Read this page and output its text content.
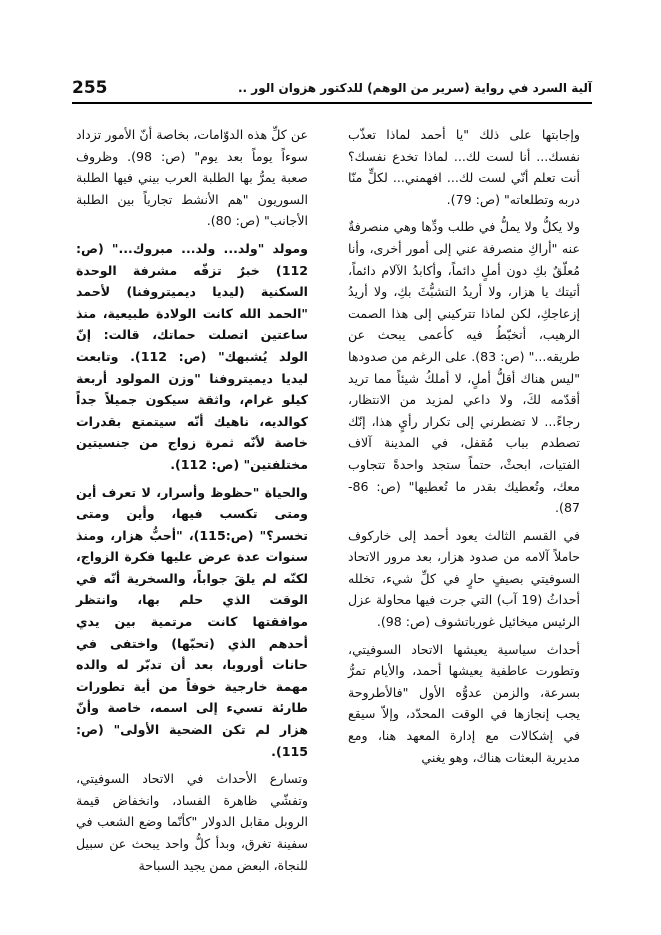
255	آلية السرد في رواية (سرير من الوهم) للدكتور هزوان الور ..

وإجابتها على ذلك "يا أحمد لماذا تعذّب نفسك... أنا لست لك... لماذا تخدع نفسك؟ أنت تعلم أنّي لست لك... افهمني... لكلٍّ منّا دربه وتطلعاته" (ص: 79).

ولا يكلُّ ولا يملُّ في طلب ودِّها وهي منصرفةٌ عنه "أراكِ منصرفة عني إلى أمور أخرى، وأنا مُعلّقٌ بكِ دون أملٍ دائماً، وأكابدُ الآلام دائماً، أتيتك يا هزار، ولا أريدُ التشبُّثَ بكِ، ولا أريدُ إزعاجكِ، لكن لماذا تتركيني إلى هذا الصمت الرهيب، أتخبّطُ فيه كأعمى يبحث عن طريقه..." (ص: 83). على الرغم من صدودها "ليس هناك أقلُّ أملٍ، لا أملكُ شيئاً مما تريد أقدّمه لكَ، ولا داعي لمزيد من الانتظار، رجاءً... لا تضطرني إلى تكرار رأيٍ هذا، إنّك تصطدم بباب مُقفل، في المدينة آلاف الفتيات، ابحثْ، حتماً ستجد واحدةً تتجاوب معك، وتُعطيك بقدر ما تُعطيها" (ص: 86- 87).

في القسم الثالث يعود أحمد إلى خاركوف حاملاً آلامه من صدود هزار، بعد مرور الاتحاد السوفيتي بصيفٍ حارٍ في كلِّ شيء، تخلله أحداثُ (19 آب) التي جرت فيها محاولة عزل الرئيس ميخائيل غورباتشوف (ص: 98).

أحداث سياسية يعيشها الاتحاد السوفيتي، وتطورت عاطفية يعيشها أحمد، والأيام تمرُّ بسرعة، والزمن عدوُّه الأول "فالأطروحة يجب إنجازها في الوقت المحدّد، وإلاّ سيقع في إشكالات مع إدارة المعهد هنا، ومع مديرية البعثات هناك، وهو يغني

عن كلِّ هذه الدوّامات، بخاصة أنّ الأمور تزداد سوءاً يوماً بعد يوم" (ص: 98). وظروف صعبة يمرُّ بها الطلبة العرب بيني فيها الطلبة السوريون "هم الأنشط تجارياً بين الطلبة الأجانب" (ص: 80).

ومولد "ولد... ولد... مبروك..." (ص: 112) خبرٌ تزفّه مشرفة الوحدة السكنية (ليديا ديميتروفنا) لأحمد "الحمد الله كانت الولادة طبيعية، منذ ساعتين اتصلت حماتك، قالت: إنّ الولد يُشبهك" (ص: 112). وتابعت ليديا ديميتروفنا "وزن المولود أربعة كيلو غرام، واثقة سيكون جميلاً جداً كوالديه، ناهيك أنّه سيتمتع بقدرات خاصة لأنّه ثمرة زواج من جنسيتين مختلفتين" (ص: 112).

والحياة "حظوظ وأسرار، لا تعرف أين ومتى تكسب فيها، وأين ومتى تخسر؟" (ص:115)، "أحبُّ هزار، ومنذ سنوات عدة عرض عليها فكرة الزواج، لكنّه لم يلقَ جواباً، والسخرية أنّه في الوقت الذي حلم بها، وانتظر موافقتها كانت مرتمية بين يدي أحدهم الذي (تحبّها) واختفى في حانات أوروبا، بعد أن تدبّر له والده مهمة خارجية خوفاً من أية تطورات طارئة تسيء إلى اسمه، خاصة وأنّ هزار لم تكن الضحية الأولى" (ص: 115).

وتسارع الأحداث في الاتحاد السوفيتي، وتفشّي ظاهرة الفساد، وانخفاض قيمة الروبل مقابل الدولار "كأنّما وضع الشعب في سفينة تغرق، وبدأ كلُّ واحد يبحث عن سبيل للنجاة، البعض ممن يجيد السباحة
